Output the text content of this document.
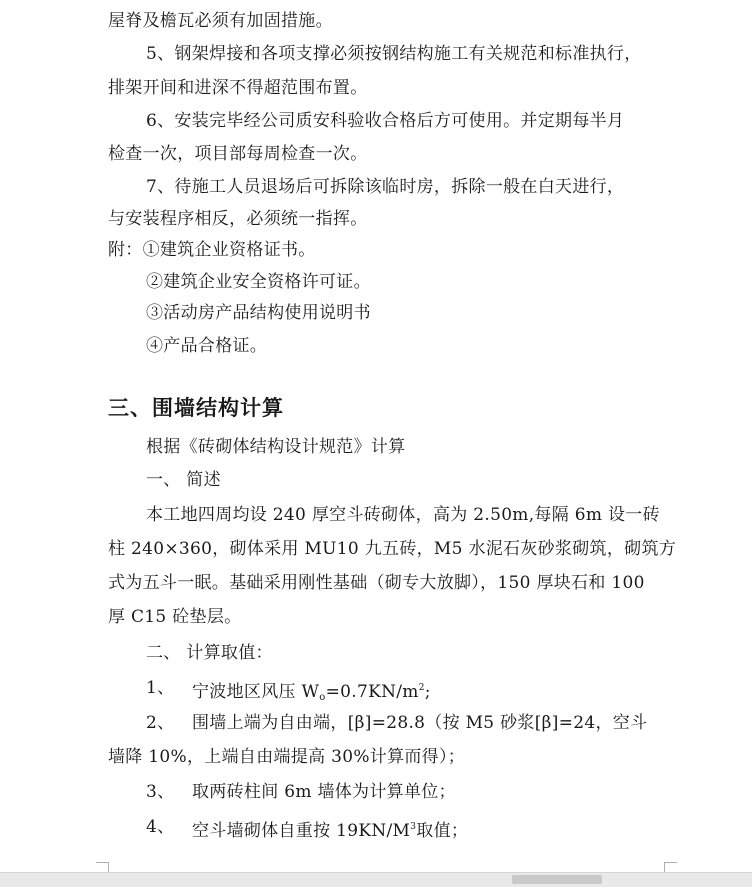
屋脊及檐瓦必须有加固措施。
5、钢架焊接和各项支撑必须按钢结构施工有关规范和标准执行，
排架开间和进深不得超范围布置。
6、安装完毕经公司质安科验收合格后方可使用。并定期每半月
检查一次，项目部每周检查一次。
7、待施工人员退场后可拆除该临时房，拆除一般在白天进行，
与安装程序相反，必须统一指挥。
附：①建筑企业资格证书。
②建筑企业安全资格许可证。
③活动房产品结构使用说明书
④产品合格证。
三、围墙结构计算
根据《砖砌体结构设计规范》计算
一、 简述
本工地四周均设 240 厚空斗砖砌体，高为 2.50m,每隔 6m 设一砖
柱 240×360，砌体采用 MU10 九五砖，M5 水泥石灰砂浆砌筑，砌筑方
式为五斗一眠。基础采用刚性基础（砌专大放脚），150 厚块石和 100
厚 C15 砼垫层。
二、 计算取值：
1、 宁波地区风压 $W_o=0.7KN/m^2$;
2、 围墙上端为自由端，[β]=28.8（按 M5 砂浆[β]=24，空斗
墙降 10%，上端自由端提高 30%计算而得）；
3、 取两砖柱间 6m 墙体为计算单位；
4、 空斗墙砌体自重按 $19KN/M^3$取值；
